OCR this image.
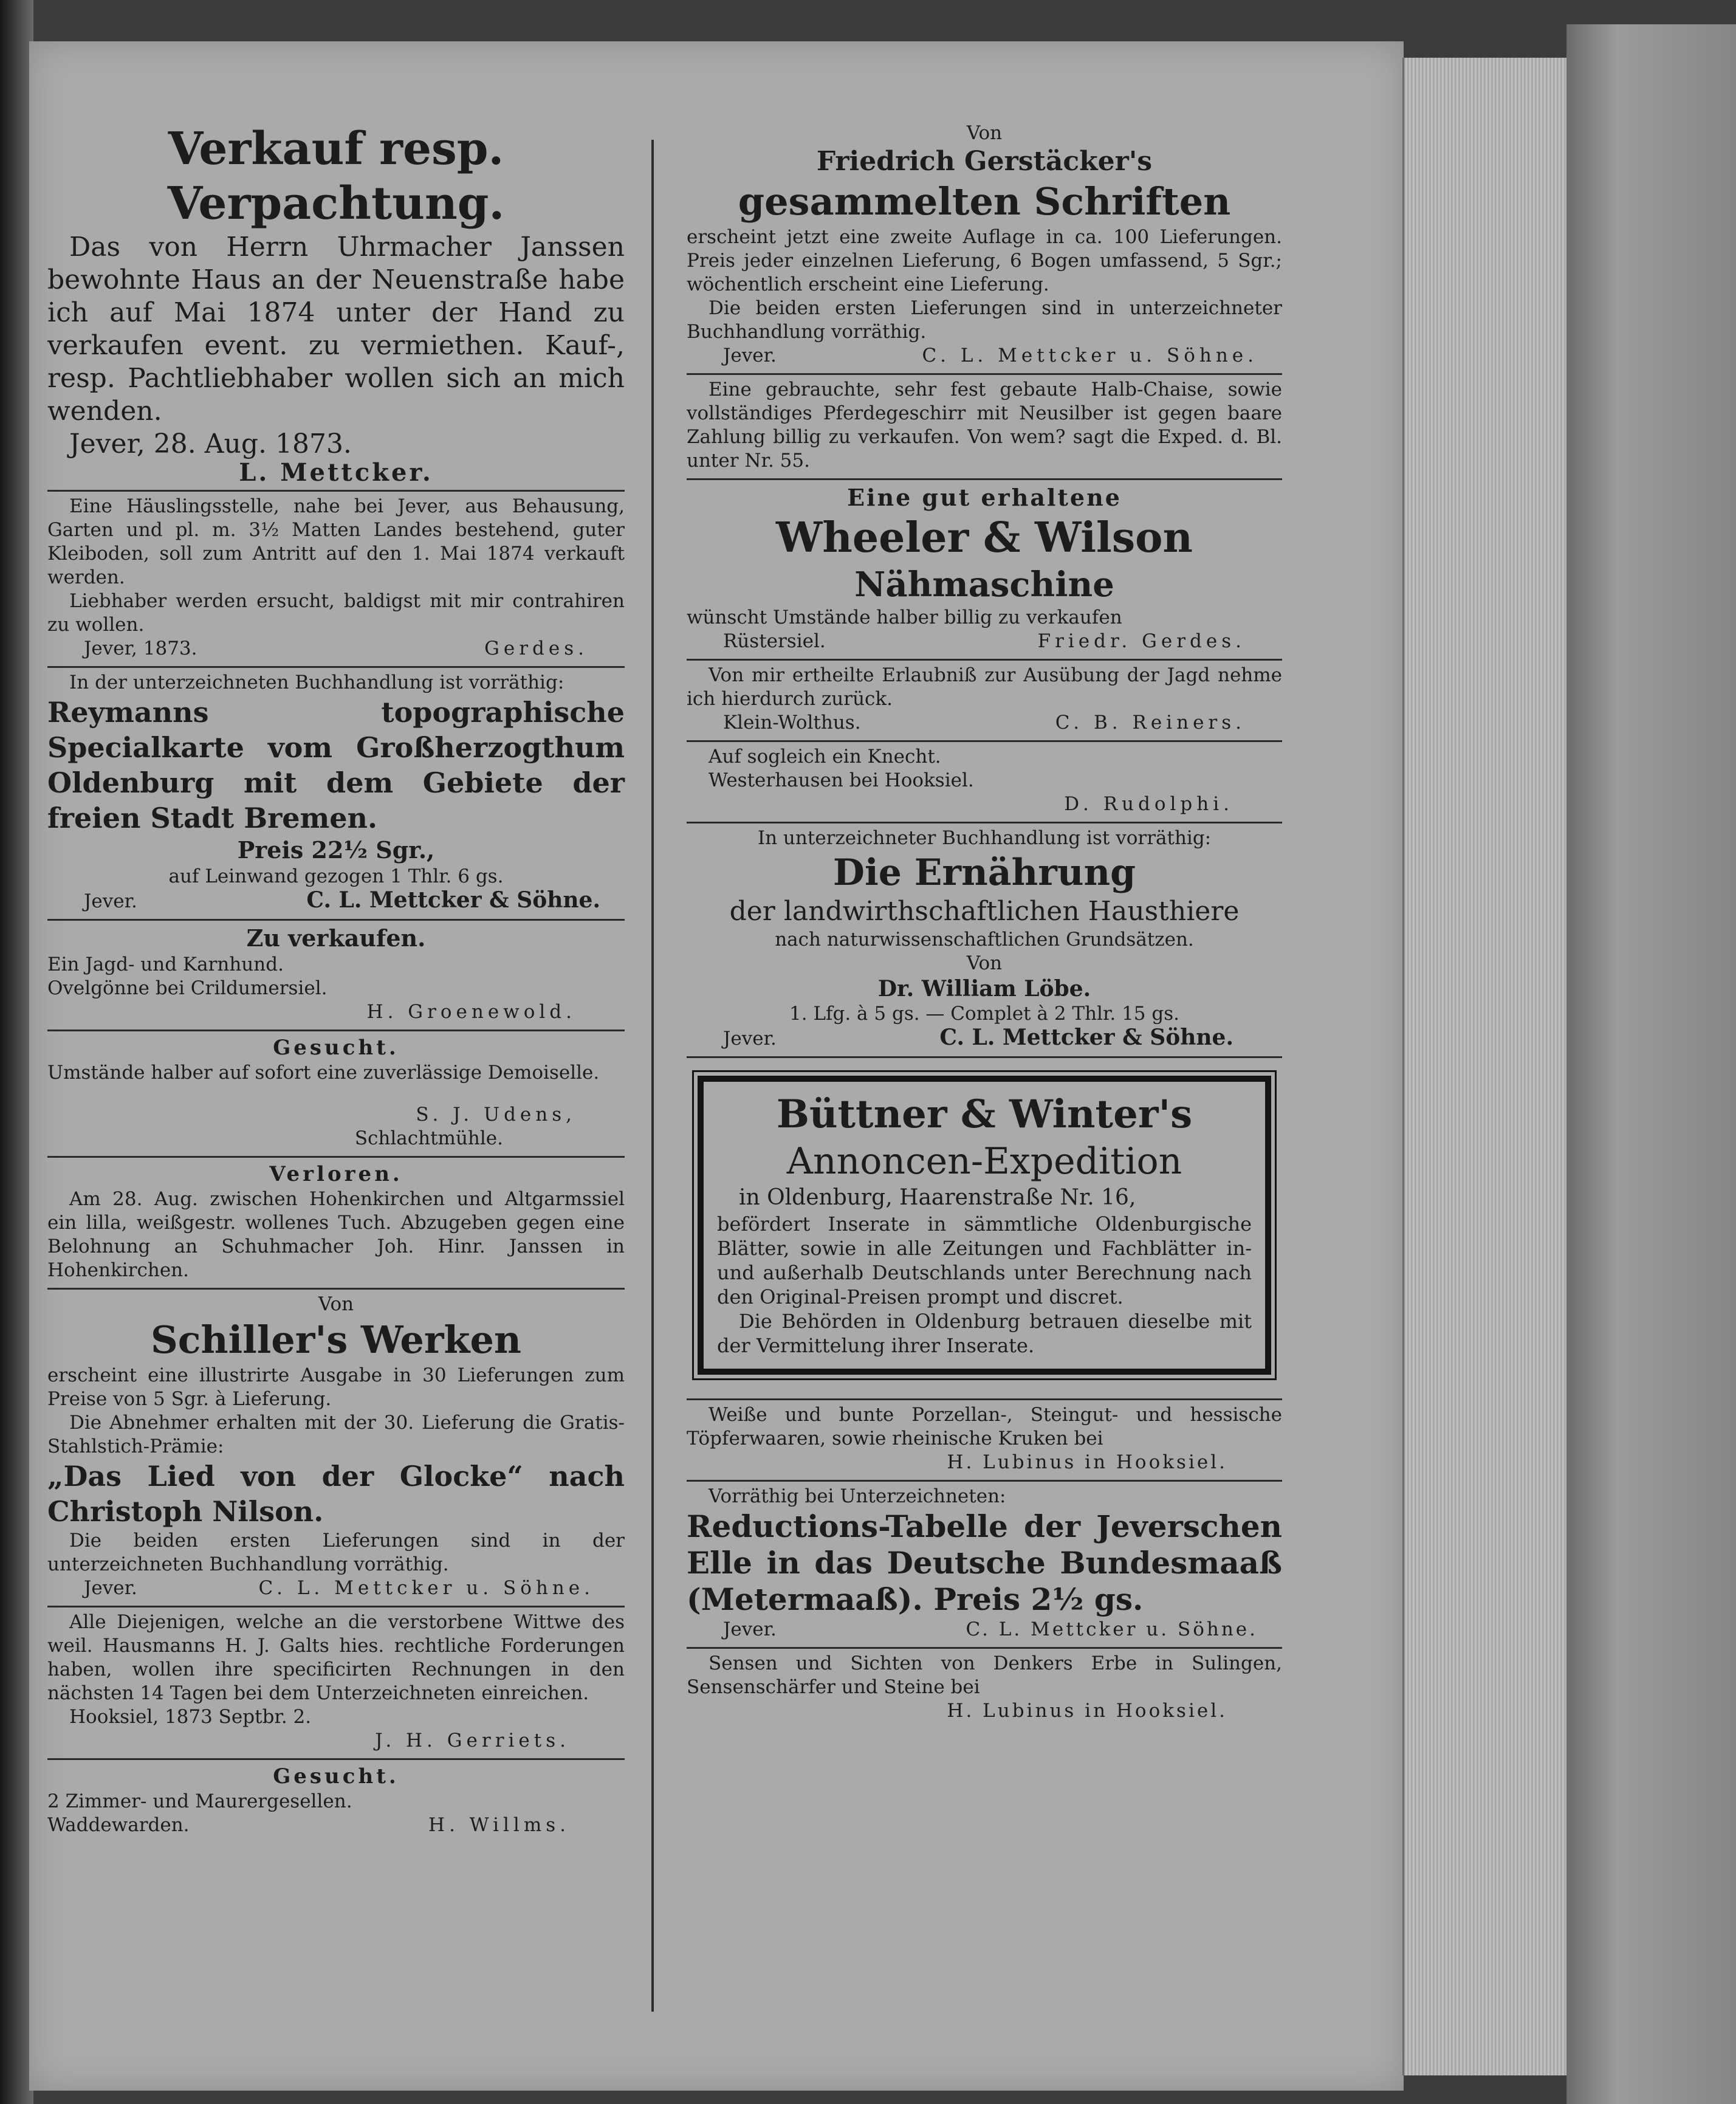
Verkauf resp. Verpachtung.
Das von Herrn Uhrmacher Janssen bewohnte Haus an der Neuenstraße habe ich auf Mai 1874 unter der Hand zu verkaufen event. zu vermiethen. Kauf-, resp. Pachtliebhaber wollen sich an mich wenden.
Jever, 28. Aug. 1873.
L. Mettcker.
Eine Häuslingsstelle, nahe bei Jever, aus Behausung, Garten und pl. m. 3½ Matten Landes bestehend, guter Kleiboden, soll zum Antritt auf den 1. Mai 1874 verkauft werden.
Liebhaber werden ersucht, baldigst mit mir contrahiren zu wollen.
Jever, 1873.	Gerdes.
In der unterzeichneten Buchhandlung ist vorräthig:
Reymanns topographische Specialkarte vom Großherzogthum Oldenburg mit dem Gebiete der freien Stadt Bremen.
Preis 22½ Sgr.,
auf Leinwand gezogen 1 Thlr. 6 gs.
Jever.	C. L. Mettcker & Söhne.
Zu verkaufen.
Ein Jagd- und Karnhund.
Ovelgönne bei Crildumersiel.
H. Groenewold.
Gesucht.
Umstände halber auf sofort eine zuverlässige Demoiselle.
S. J. Udens,
Schlachtmühle.
Verloren.
Am 28. Aug. zwischen Hohenkirchen und Altgarmssiel ein lilla, weißgestr. wollenes Tuch. Abzugeben gegen eine Belohnung an Schuhmacher Joh. Hinr. Janssen in Hohenkirchen.
Von
Schiller's Werken
erscheint eine illustrirte Ausgabe in 30 Lieferungen zum Preise von 5 Sgr. à Lieferung.
Die Abnehmer erhalten mit der 30. Lieferung die Gratis-Stahlstich-Prämie:
„Das Lied von der Glocke“ nach Christoph Nilson.
Die beiden ersten Lieferungen sind in der unterzeichneten Buchhandlung vorräthig.
Jever.	C. L. Mettcker u. Söhne.
Alle Diejenigen, welche an die verstorbene Wittwe des weil. Hausmanns H. J. Galts hies. rechtliche Forderungen haben, wollen ihre specificirten Rechnungen in den nächsten 14 Tagen bei dem Unterzeichneten einreichen.
Hooksiel, 1873 Septbr. 2.
J. H. Gerriets.
Gesucht.
2 Zimmer- und Maurergesellen.
Waddewarden.	H. Willms.
Von
Friedrich Gerstäcker's
gesammelten Schriften
erscheint jetzt eine zweite Auflage in ca. 100 Lieferungen. Preis jeder einzelnen Lieferung, 6 Bogen umfassend, 5 Sgr.; wöchentlich erscheint eine Lieferung.
Die beiden ersten Lieferungen sind in unterzeichneter Buchhandlung vorräthig.
Jever.	C. L. Mettcker u. Söhne.
Eine gebrauchte, sehr fest gebaute Halb-Chaise, sowie vollständiges Pferdegeschirr mit Neusilber ist gegen baare Zahlung billig zu verkaufen. Von wem? sagt die Exped. d. Bl. unter Nr. 55.
Eine gut erhaltene
Wheeler & Wilson
Nähmaschine
wünscht Umstände halber billig zu verkaufen
Rüstersiel.	Friedr. Gerdes.
Von mir ertheilte Erlaubniß zur Ausübung der Jagd nehme ich hierdurch zurück.
Klein-Wolthus.	C. B. Reiners.
Auf sogleich ein Knecht.
Westerhausen bei Hooksiel.
D. Rudolphi.
In unterzeichneter Buchhandlung ist vorräthig:
Die Ernährung
der landwirthschaftlichen Hausthiere
nach naturwissenschaftlichen Grundsätzen.
Von
Dr. William Löbe.
1. Lfg. à 5 gs. — Complet à 2 Thlr. 15 gs.
Jever.	C. L. Mettcker & Söhne.
Büttner & Winter's
Annoncen-Expedition
in Oldenburg, Haarenstraße Nr. 16,
befördert Inserate in sämmtliche Oldenburgische Blätter, sowie in alle Zeitungen und Fachblätter in- und außerhalb Deutschlands unter Berechnung nach den Original-Preisen prompt und discret.
Die Behörden in Oldenburg betrauen dieselbe mit der Vermittelung ihrer Inserate.
Weiße und bunte Porzellan-, Steingut- und hessische Töpferwaaren, sowie rheinische Kruken bei
H. Lubinus in Hooksiel.
Vorräthig bei Unterzeichneten:
Reductions-Tabelle der Jeverschen Elle in das Deutsche Bundesmaaß (Metermaaß). Preis 2½ gs.
Jever.	C. L. Mettcker u. Söhne.
Sensen und Sichten von Denkers Erbe in Sulingen, Sensenschärfer und Steine bei
H. Lubinus in Hooksiel.
